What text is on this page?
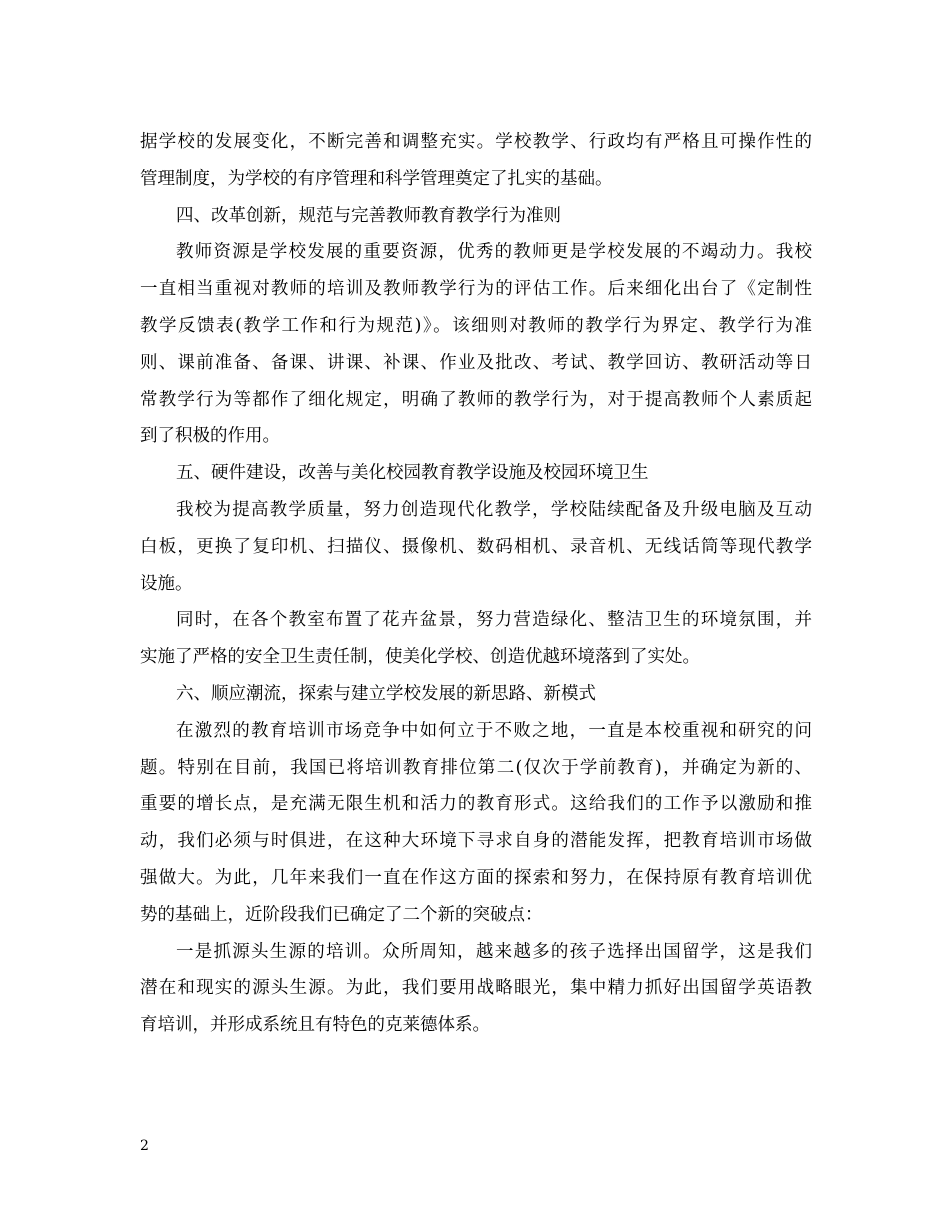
据学校的发展变化，不断完善和调整充实。学校教学、行政均有严格且可操作性的
管理制度，为学校的有序管理和科学管理奠定了扎实的基础。
四、改革创新，规范与完善教师教育教学行为准则
教师资源是学校发展的重要资源，优秀的教师更是学校发展的不竭动力。我校
一直相当重视对教师的培训及教师教学行为的评估工作。后来细化出台了《定制性
教学反馈表(教学工作和行为规范)》。该细则对教师的教学行为界定、教学行为准
则、课前准备、备课、讲课、补课、作业及批改、考试、教学回访、教研活动等日
常教学行为等都作了细化规定，明确了教师的教学行为，对于提高教师个人素质起
到了积极的作用。
五、硬件建设，改善与美化校园教育教学设施及校园环境卫生
我校为提高教学质量，努力创造现代化教学，学校陆续配备及升级电脑及互动
白板，更换了复印机、扫描仪、摄像机、数码相机、录音机、无线话筒等现代教学
设施。
同时，在各个教室布置了花卉盆景，努力营造绿化、整洁卫生的环境氛围，并
实施了严格的安全卫生责任制，使美化学校、创造优越环境落到了实处。
六、顺应潮流，探索与建立学校发展的新思路、新模式
在激烈的教育培训市场竞争中如何立于不败之地，一直是本校重视和研究的问
题。特别在目前，我国已将培训教育排位第二(仅次于学前教育)，并确定为新的、
重要的增长点，是充满无限生机和活力的教育形式。这给我们的工作予以激励和推
动，我们必须与时俱进，在这种大环境下寻求自身的潜能发挥，把教育培训市场做
强做大。为此，几年来我们一直在作这方面的探索和努力，在保持原有教育培训优
势的基础上，近阶段我们已确定了二个新的突破点：
一是抓源头生源的培训。众所周知，越来越多的孩子选择出国留学，这是我们
潜在和现实的源头生源。为此，我们要用战略眼光，集中精力抓好出国留学英语教
育培训，并形成系统且有特色的克莱德体系。
2
